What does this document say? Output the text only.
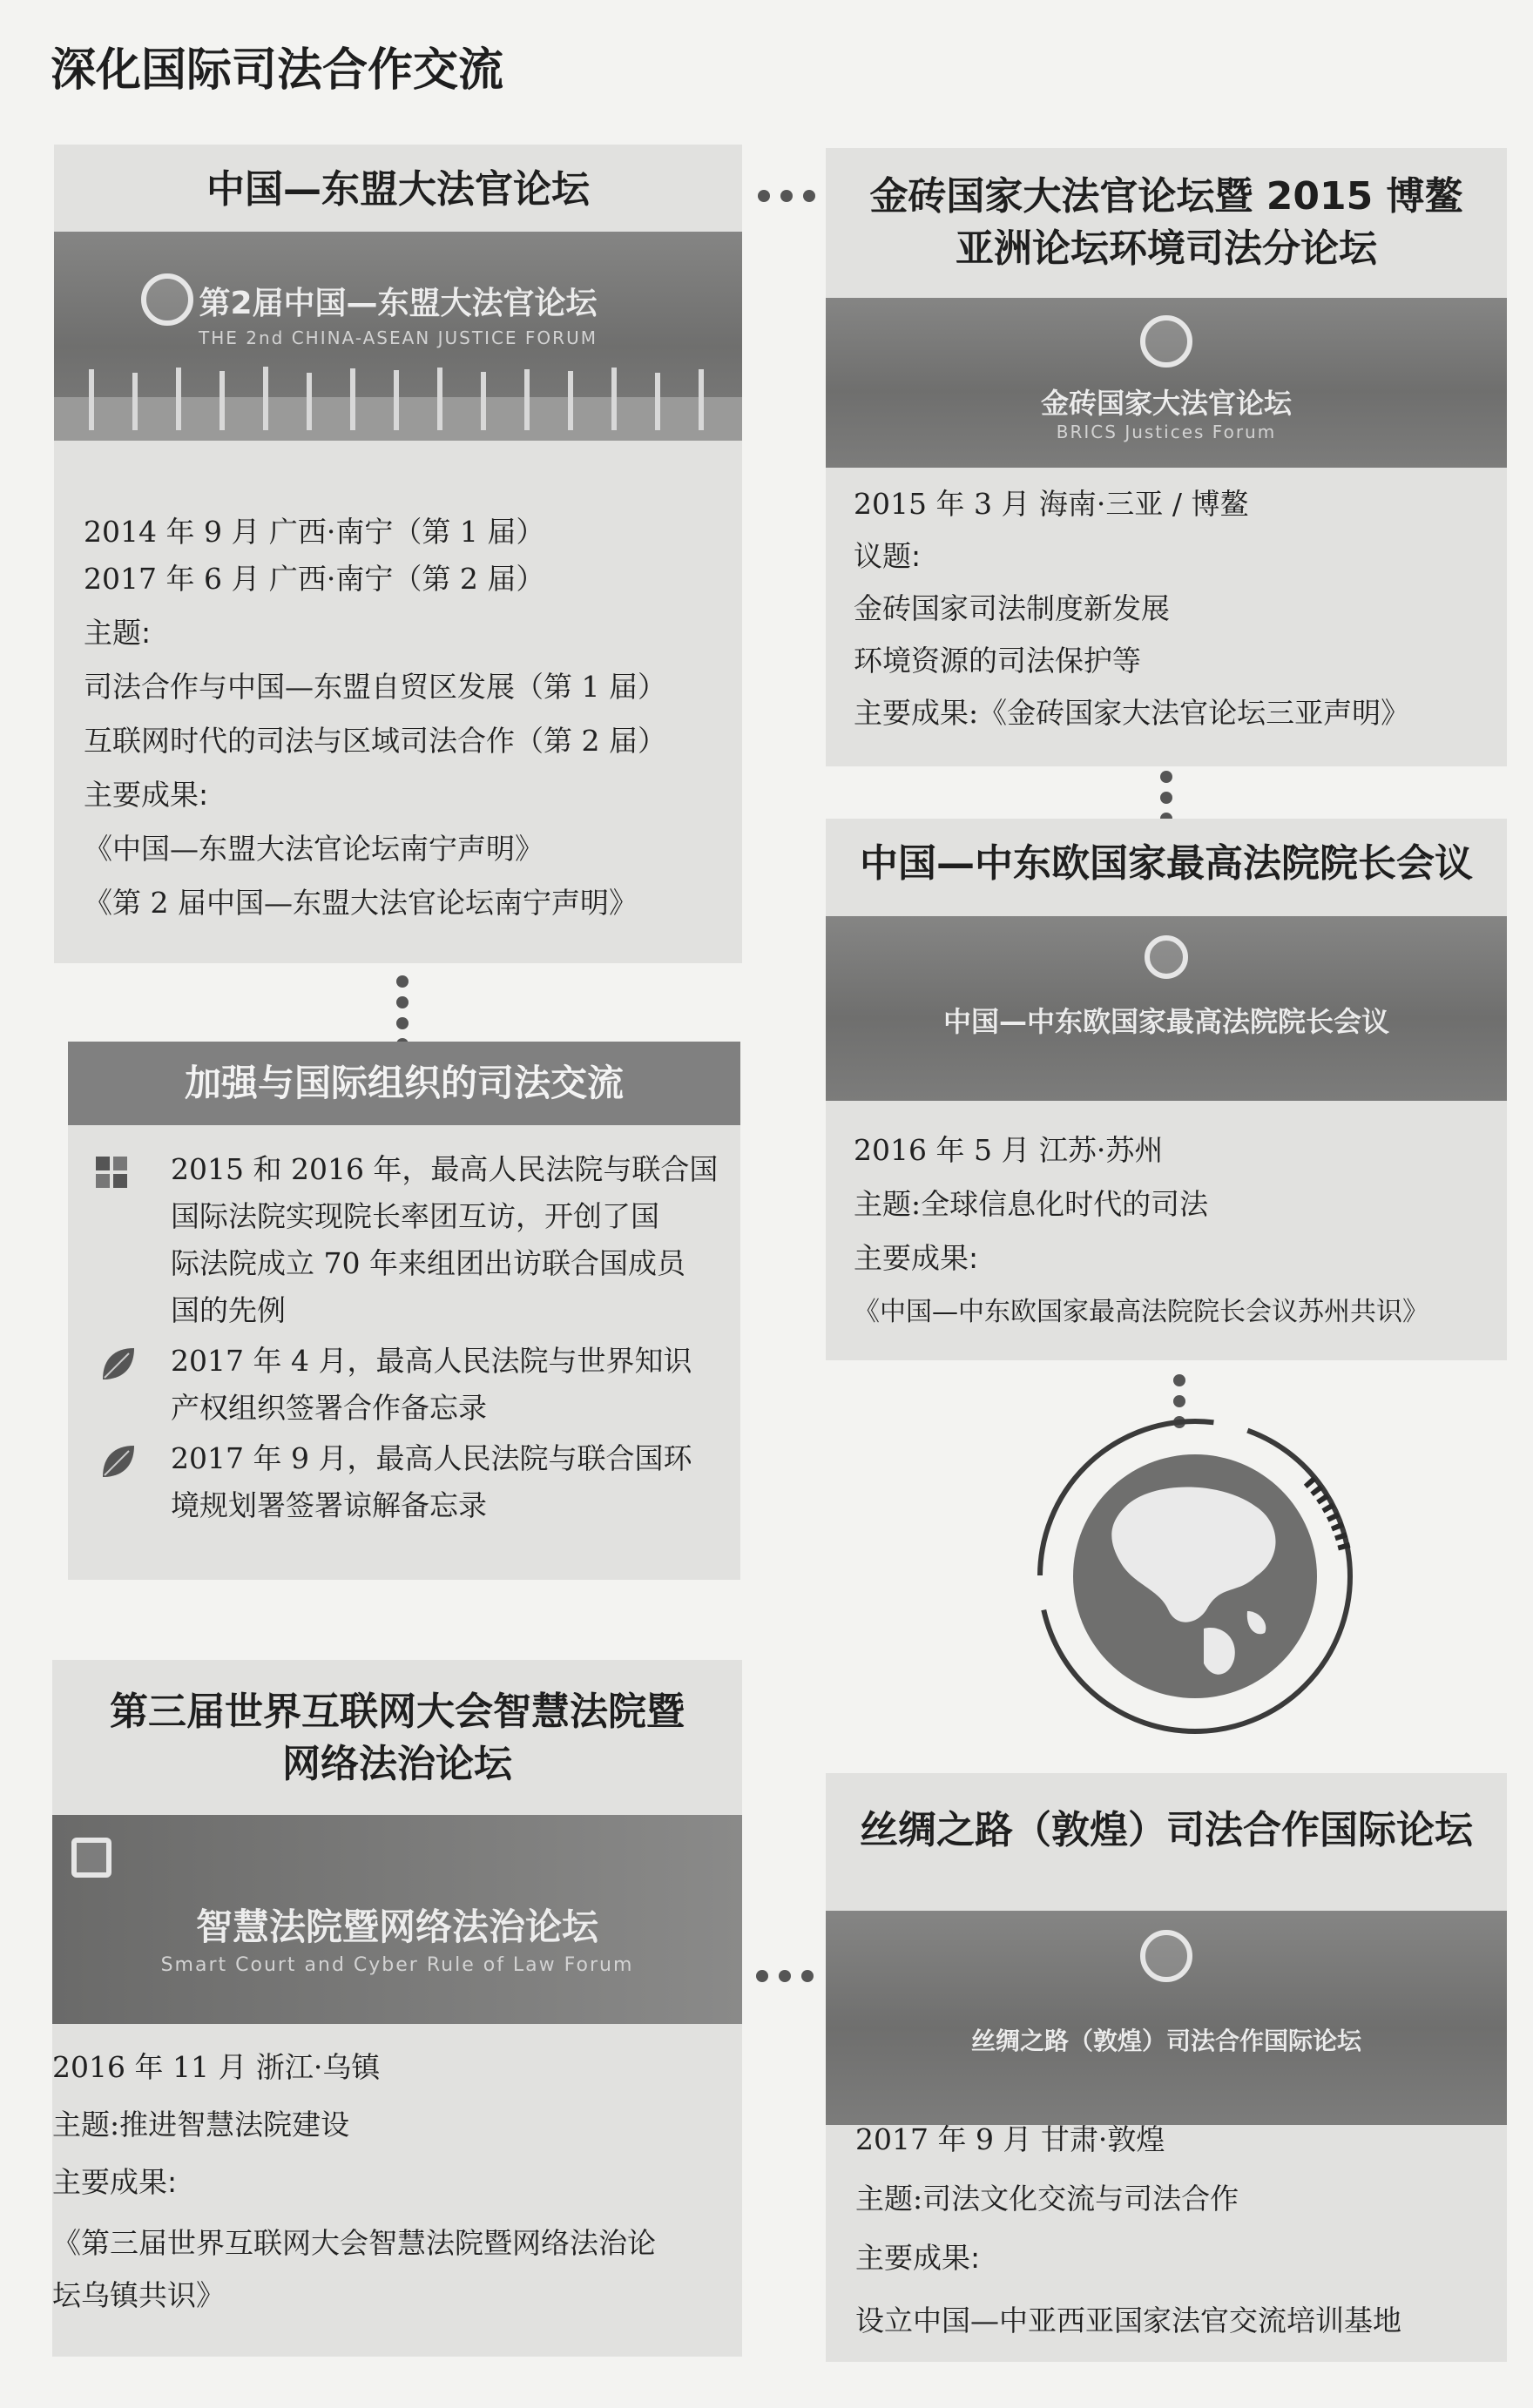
深化国际司法合作交流
中国—东盟大法官论坛
第2届中国—东盟大法官论坛
THE 2nd CHINA-ASEAN JUSTICE FORUM
2014 年 9 月 广西·南宁（第 1 届）
2017 年 6 月 广西·南宁（第 2 届）
主题:
司法合作与中国—东盟自贸区发展（第 1 届）
互联网时代的司法与区域司法合作（第 2 届）
主要成果:
《中国—东盟大法官论坛南宁声明》
《第 2 届中国—东盟大法官论坛南宁声明》
金砖国家大法官论坛暨 2015 博鳌
亚洲论坛环境司法分论坛
金砖国家大法官论坛
BRICS Justices Forum
2015 年 3 月 海南·三亚 / 博鳌
议题:
金砖国家司法制度新发展
环境资源的司法保护等
主要成果:《金砖国家大法官论坛三亚声明》
加强与国际组织的司法交流
2015 和 2016 年，最高人民法院与联合国
国际法院实现院长率团互访，开创了国
际法院成立 70 年来组团出访联合国成员
国的先例
2017 年 4 月，最高人民法院与世界知识
产权组织签署合作备忘录
2017 年 9 月，最高人民法院与联合国环
境规划署签署谅解备忘录
中国—中东欧国家最高法院院长会议
中国—中东欧国家最高法院院长会议
2016 年 5 月 江苏·苏州
主题:全球信息化时代的司法
主要成果:
《中国—中东欧国家最高法院院长会议苏州共识》
第三届世界互联网大会智慧法院暨
网络法治论坛
智慧法院暨网络法治论坛
Smart Court and Cyber Rule of Law Forum
2016 年 11 月 浙江·乌镇
主题:推进智慧法院建设
主要成果:
《第三届世界互联网大会智慧法院暨网络法治论
坛乌镇共识》
丝绸之路（敦煌）司法合作国际论坛
丝绸之路（敦煌）司法合作国际论坛
2017 年 9 月 甘肃·敦煌
主题:司法文化交流与司法合作
主要成果:
设立中国—中亚西亚国家法官交流培训基地
